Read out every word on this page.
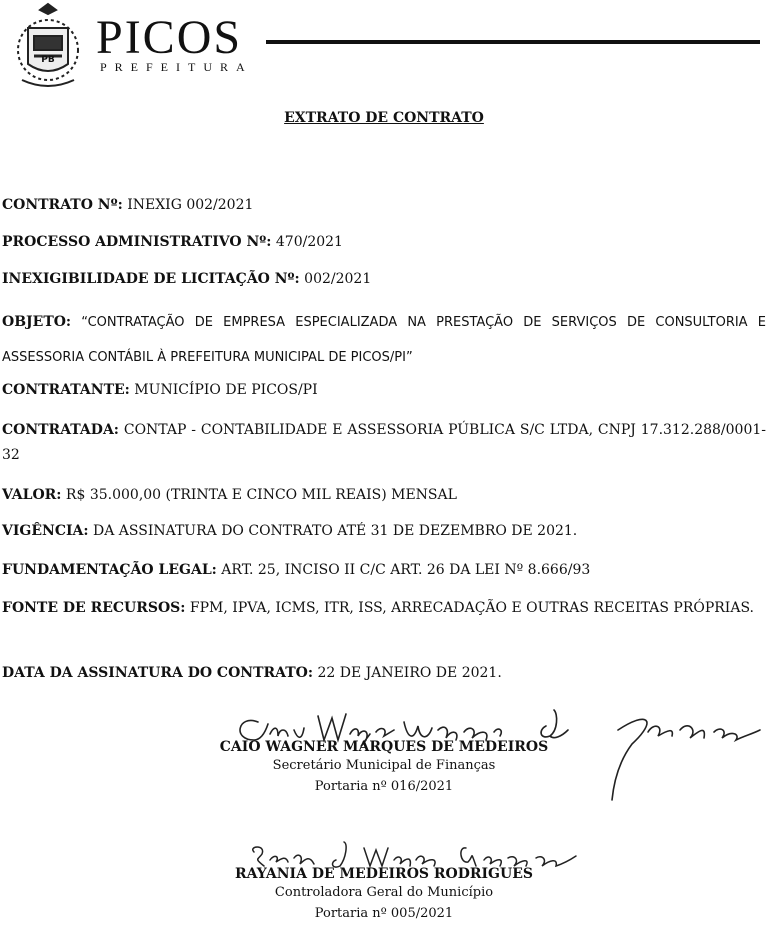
PB PICOS
PREFEITURA
EXTRATO DE CONTRATO
CONTRATO Nº: INEXIG 002/2021
PROCESSO ADMINISTRATIVO Nº: 470/2021
INEXIGIBILIDADE DE LICITAÇÃO Nº: 002/2021
OBJETO: “CONTRATAÇÃO DE EMPRESA ESPECIALIZADA NA PRESTAÇÃO DE SERVIÇOS DE CONSULTORIA E ASSESSORIA CONTÁBIL À PREFEITURA MUNICIPAL DE PICOS/PI”
CONTRATANTE: MUNICÍPIO DE PICOS/PI
CONTRATADA: CONTAP - CONTABILIDADE E ASSESSORIA PÚBLICA S/C LTDA, CNPJ 17.312.288/0001-32
VALOR: R$ 35.000,00 (TRINTA E CINCO MIL REAIS) MENSAL
VIGÊNCIA: DA ASSINATURA DO CONTRATO ATÉ 31 DE DEZEMBRO DE 2021.
FUNDAMENTAÇÃO LEGAL: ART. 25, INCISO II C/C ART. 26 DA LEI Nº 8.666/93
FONTE DE RECURSOS: FPM, IPVA, ICMS, ITR, ISS, ARRECADAÇÃO E OUTRAS RECEITAS PRÓPRIAS.
DATA DA ASSINATURA DO CONTRATO: 22 DE JANEIRO DE 2021.
CAIO WAGNER MARQUES DE MEDEIROS
Secretário Municipal de Finanças
Portaria nº 016/2021
RAYANIA DE MEDEIROS RODRIGUES
Controladora Geral do Município
Portaria nº 005/2021
